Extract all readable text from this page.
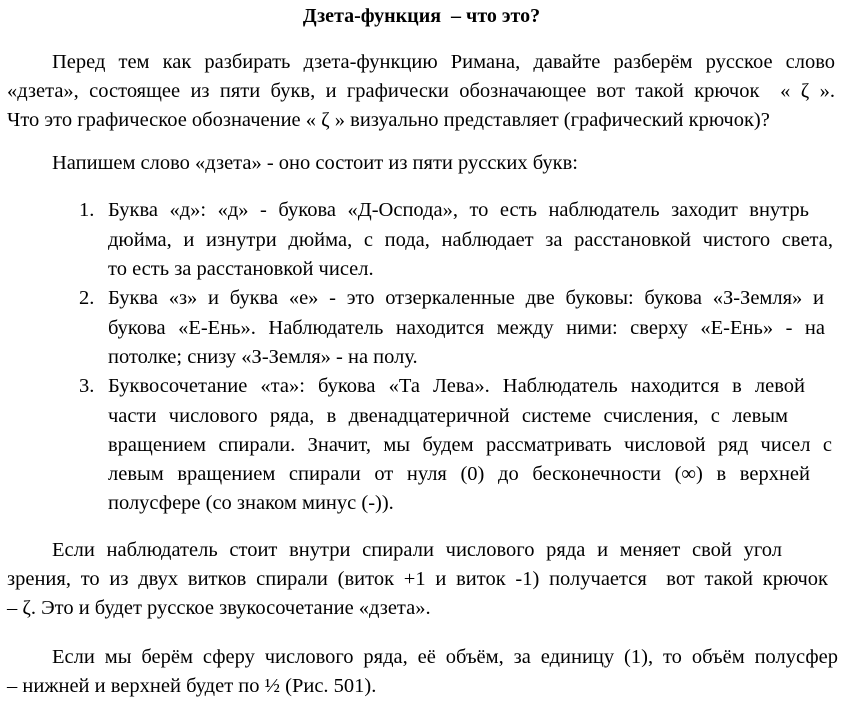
Дзета-функция  – что это?
Перед тем как разбирать дзета-функцию Римана, давайте разберём русское слово
«дзета», состоящее из пяти букв, и графически обозначающее вот такой крючок  « ζ ».
Что это графическое обозначение « ζ » визуально представляет (графический крючок)?
Напишем слово «дзета» - оно состоит из пяти русских букв:
1. Буква «д»: «д» - букова «Д-Оспода», то есть наблюдатель заходит внутрь
дюйма, и изнутри дюйма, с пода, наблюдает за расстановкой чистого света,
то есть за расстановкой чисел.
2. Буква «з» и буква «е» - это отзеркаленные две буковы: букова «З-Земля» и
букова «Е-Ень». Наблюдатель находится между ними: сверху «Е-Ень» - на
потолке; снизу «З-Земля» - на полу.
3. Буквосочетание «та»: букова «Та Лева». Наблюдатель находится в левой
части числового ряда, в двенадцатеричной системе счисления, с левым
вращением спирали. Значит, мы будем рассматривать числовой ряд чисел с
левым вращением спирали от нуля (0) до бесконечности (∞) в верхней
полусфере (со знаком минус (-)).
Если наблюдатель стоит внутри спирали числового ряда и меняет свой угол
зрения, то из двух витков спирали (виток +1 и виток -1) получается  вот такой крючок
– ζ. Это и будет русское звукосочетание «дзета».
Если мы берём сферу числового ряда, её объём, за единицу (1), то объём полусфер
– нижней и верхней будет по ½ (Рис. 501).
